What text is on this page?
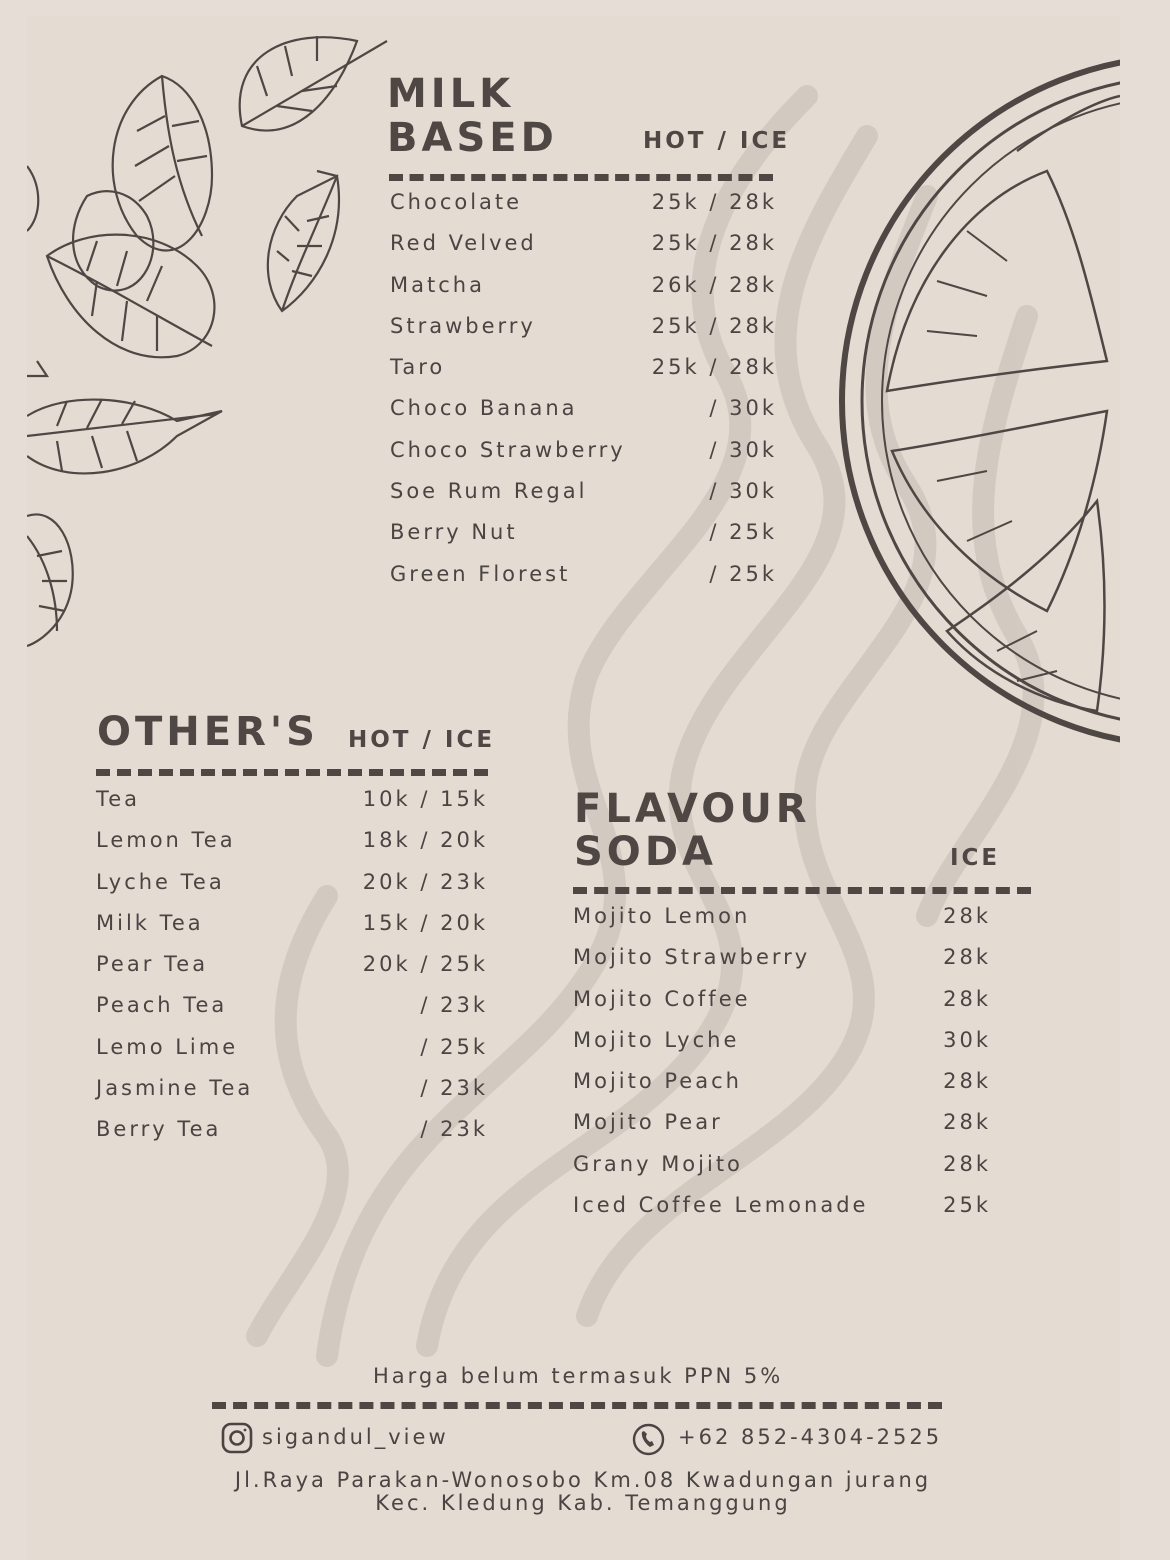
MILK
BASED	HOT / ICE
Chocolate	25k / 28k
Red Velved	25k / 28k
Matcha	26k / 28k
Strawberry	25k / 28k
Taro	25k / 28k
Choco Banana	/ 30k
Choco Strawberry	/ 30k
Soe Rum Regal	/ 30k
Berry Nut	/ 25k
Green Florest	/ 25k
OTHER'S HOT / ICE
Tea	10k / 15k
Lemon Tea	18k / 20k
Lyche Tea	20k / 23k
Milk Tea	15k / 20k
Pear Tea	20k / 25k
Peach Tea	/ 23k
Lemo Lime	/ 25k
Jasmine Tea	/ 23k
Berry Tea	/ 23k
FLAVOUR
SODA	ICE
Mojito Lemon	28k
Mojito Strawberry	28k
Mojito Coffee	28k
Mojito Lyche	30k
Mojito Peach	28k
Mojito Pear	28k
Grany Mojito	28k
Iced Coffee Lemonade	25k
Harga belum termasuk PPN 5%
sigandul_view	+62 852-4304-2525
Jl.Raya Parakan-Wonosobo Km.08 Kwadungan jurang
Kec. Kledung Kab. Temanggung
